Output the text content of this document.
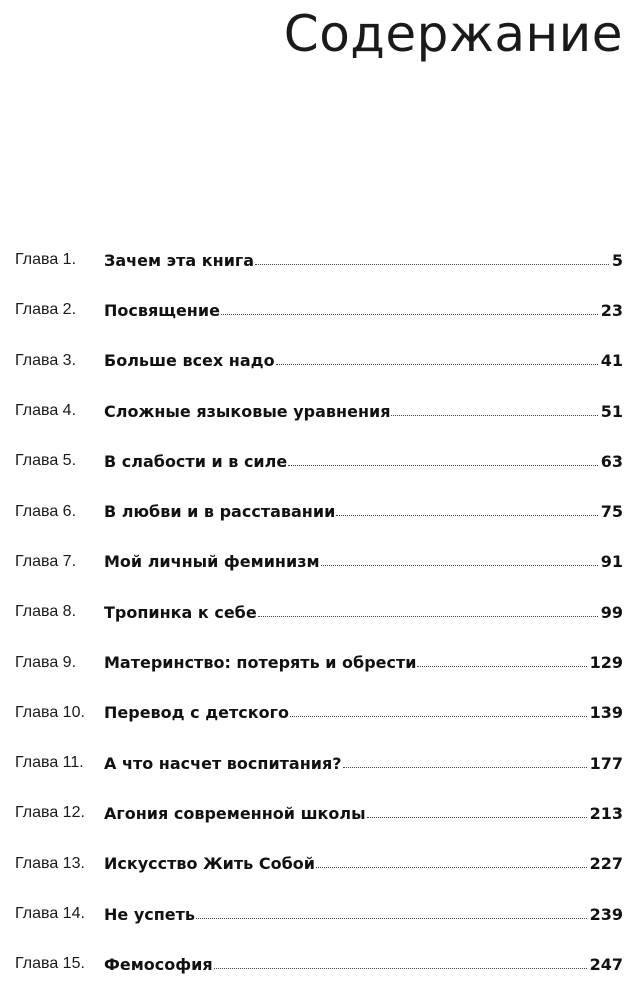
Содержание
Глава 1.	Зачем эта книга	5
Глава 2.	Посвящение	23
Глава 3.	Больше всех надо	41
Глава 4.	Сложные языковые уравнения	51
Глава 5.	В слабости и в силе	63
Глава 6.	В любви и в расставании	75
Глава 7.	Мой личный феминизм	91
Глава 8.	Тропинка к себе	99
Глава 9.	Материнство: потерять и обрести	129
Глава 10.	Перевод с детского	139
Глава 11.	А что насчет воспитания?	177
Глава 12.	Агония современной школы	213
Глава 13.	Искусство Жить Собой	227
Глава 14.	Не успеть	239
Глава 15.	Фемософия	247
